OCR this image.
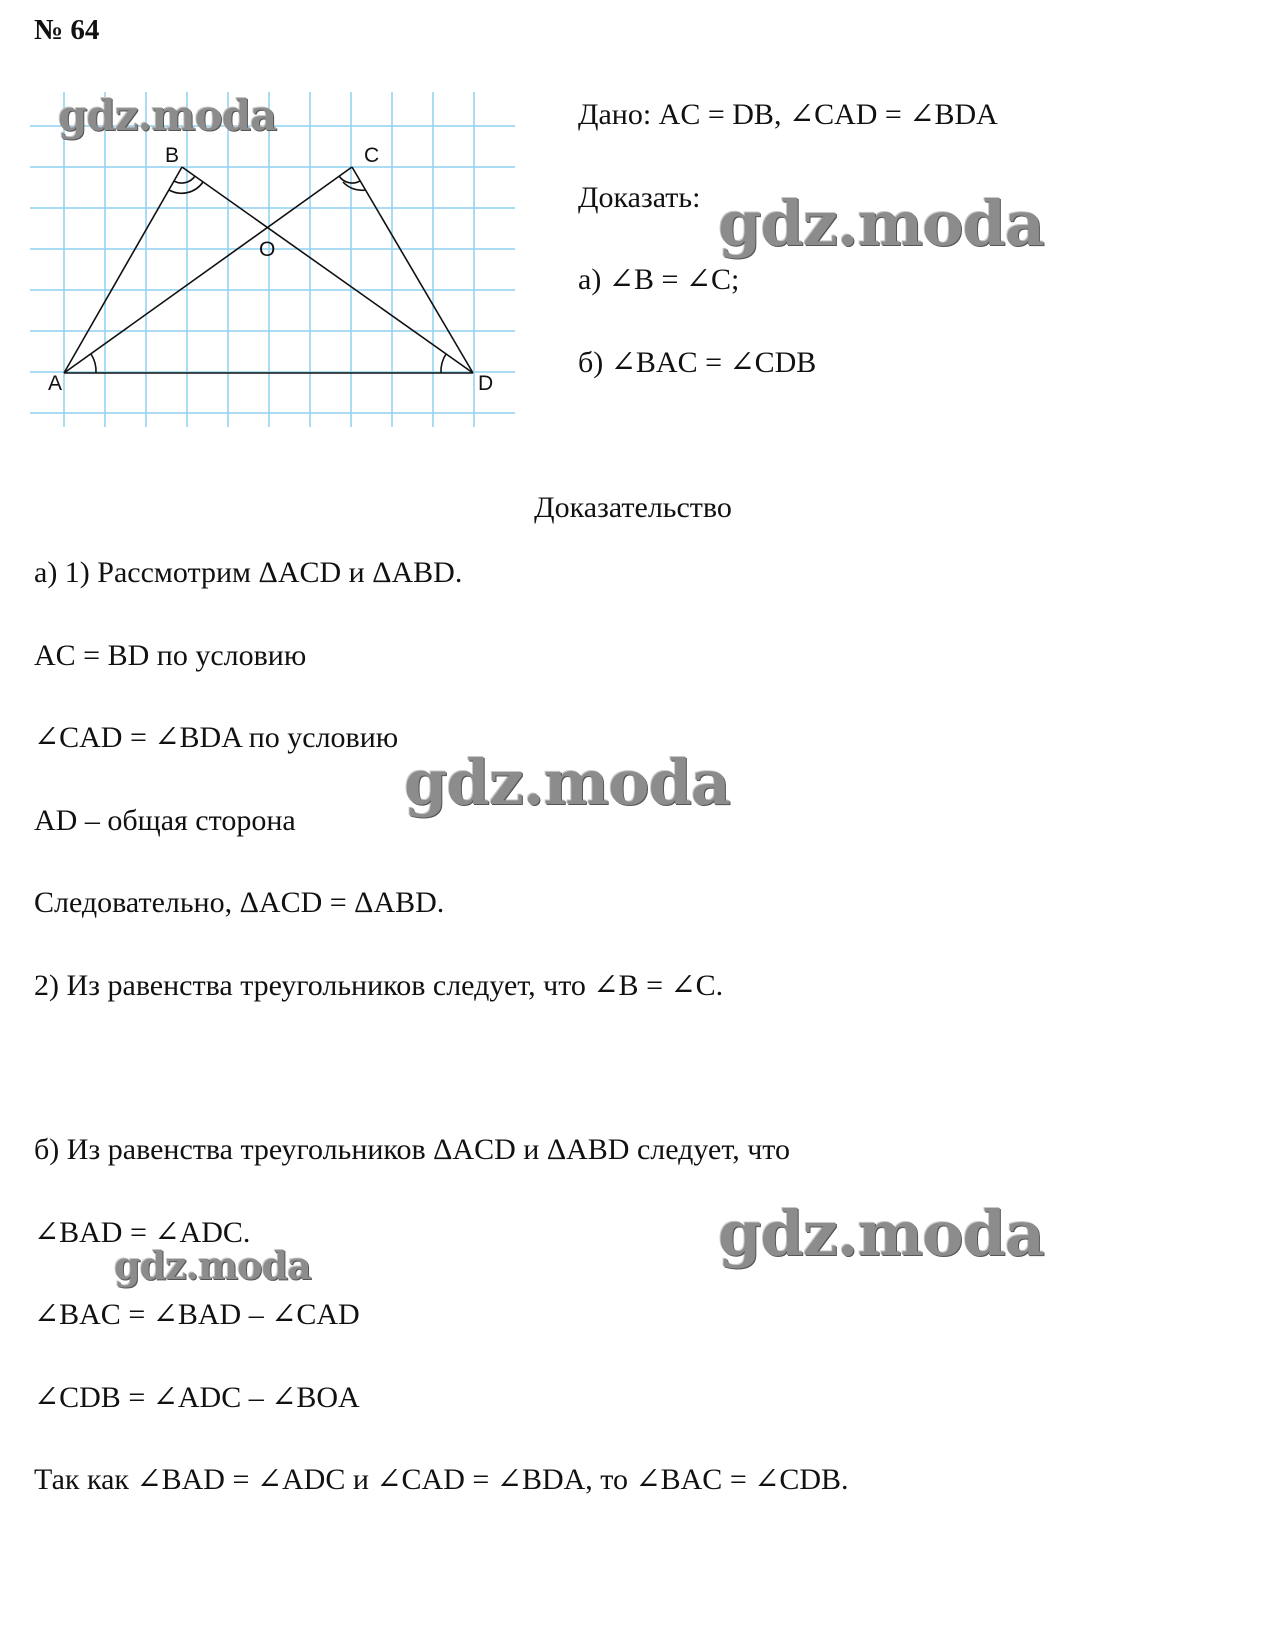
№ 64
B	C
O
A	D
Дано: AC = DB, ∠CAD = ∠BDA
Доказать:
а) ∠B = ∠C;
б) ∠BAC = ∠CDB
Доказательство
а) 1) Рассмотрим ΔACD и ΔABD.
AC = BD по условию
∠CAD = ∠BDA по условию
AD – общая сторона
Следовательно, ΔACD = ΔABD.
2) Из равенства треугольников следует, что ∠B = ∠C.
б) Из равенства треугольников ΔACD и ΔABD следует, что
∠BAD = ∠ADC.
∠BAC = ∠BAD – ∠CAD
∠CDB = ∠ADC – ∠BOA
Так как ∠BAD = ∠ADC и ∠CAD = ∠BDA, то ∠BAC = ∠CDB.
gdz.moda
gdz.moda
gdz.moda
gdz.moda
gdz.moda
